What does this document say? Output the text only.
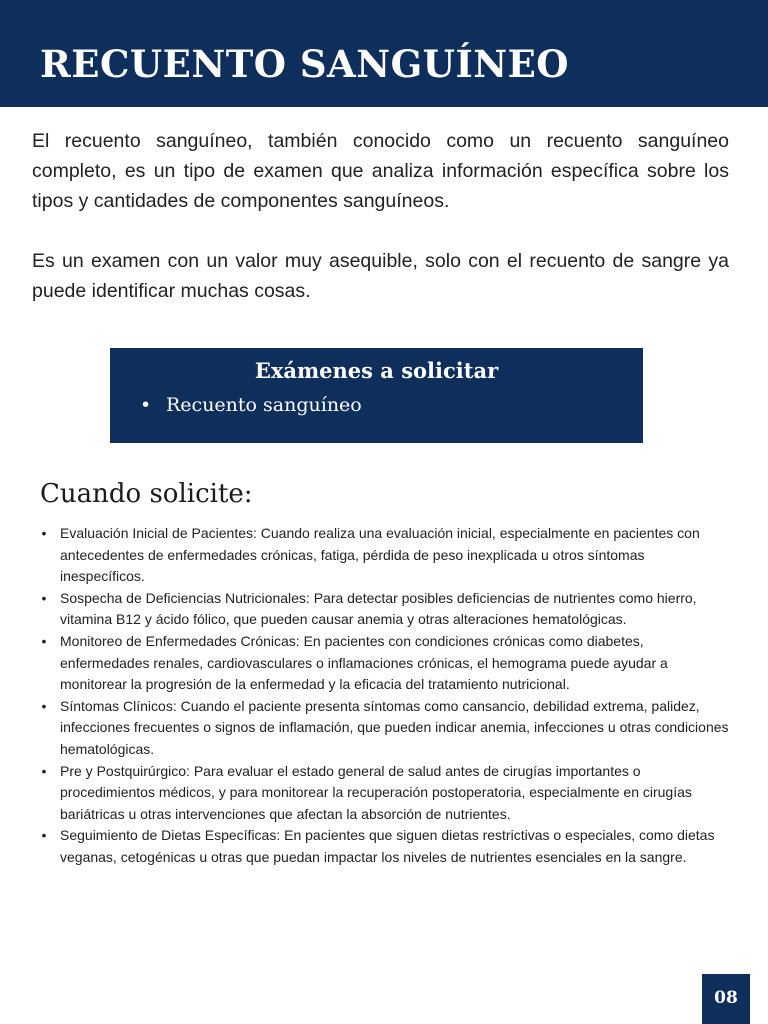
RECUENTO SANGUÍNEO

El recuento sanguíneo, también conocido como un recuento sanguíneo completo, es un tipo de examen que analiza información específica sobre los tipos y cantidades de componentes sanguíneos.

Es un examen con un valor muy asequible, solo con el recuento de sangre ya puede identificar muchas cosas.

Exámenes a solicitar
• Recuento sanguíneo
Cuando solicite:
• Evaluación Inicial de Pacientes: Cuando realiza una evaluación inicial, especialmente en pacientes con antecedentes de enfermedades crónicas, fatiga, pérdida de peso inexplicada u otros síntomas inespecíficos.
• Sospecha de Deficiencias Nutricionales: Para detectar posibles deficiencias de nutrientes como hierro, vitamina B12 y ácido fólico, que pueden causar anemia y otras alteraciones hematológicas.
• Monitoreo de Enfermedades Crónicas: En pacientes con condiciones crónicas como diabetes, enfermedades renales, cardiovasculares o inflamaciones crónicas, el hemograma puede ayudar a monitorear la progresión de la enfermedad y la eficacia del tratamiento nutricional.
• Síntomas Clínicos: Cuando el paciente presenta síntomas como cansancio, debilidad extrema, palidez, infecciones frecuentes o signos de inflamación, que pueden indicar anemia, infecciones u otras condiciones hematológicas.
• Pre y Postquirúrgico: Para evaluar el estado general de salud antes de cirugías importantes o procedimientos médicos, y para monitorear la recuperación postoperatoria, especialmente en cirugías bariátricas u otras intervenciones que afectan la absorción de nutrientes.
• Seguimiento de Dietas Específicas: En pacientes que siguen dietas restrictivas o especiales, como dietas veganas, cetogénicas u otras que puedan impactar los niveles de nutrientes esenciales en la sangre.
08
